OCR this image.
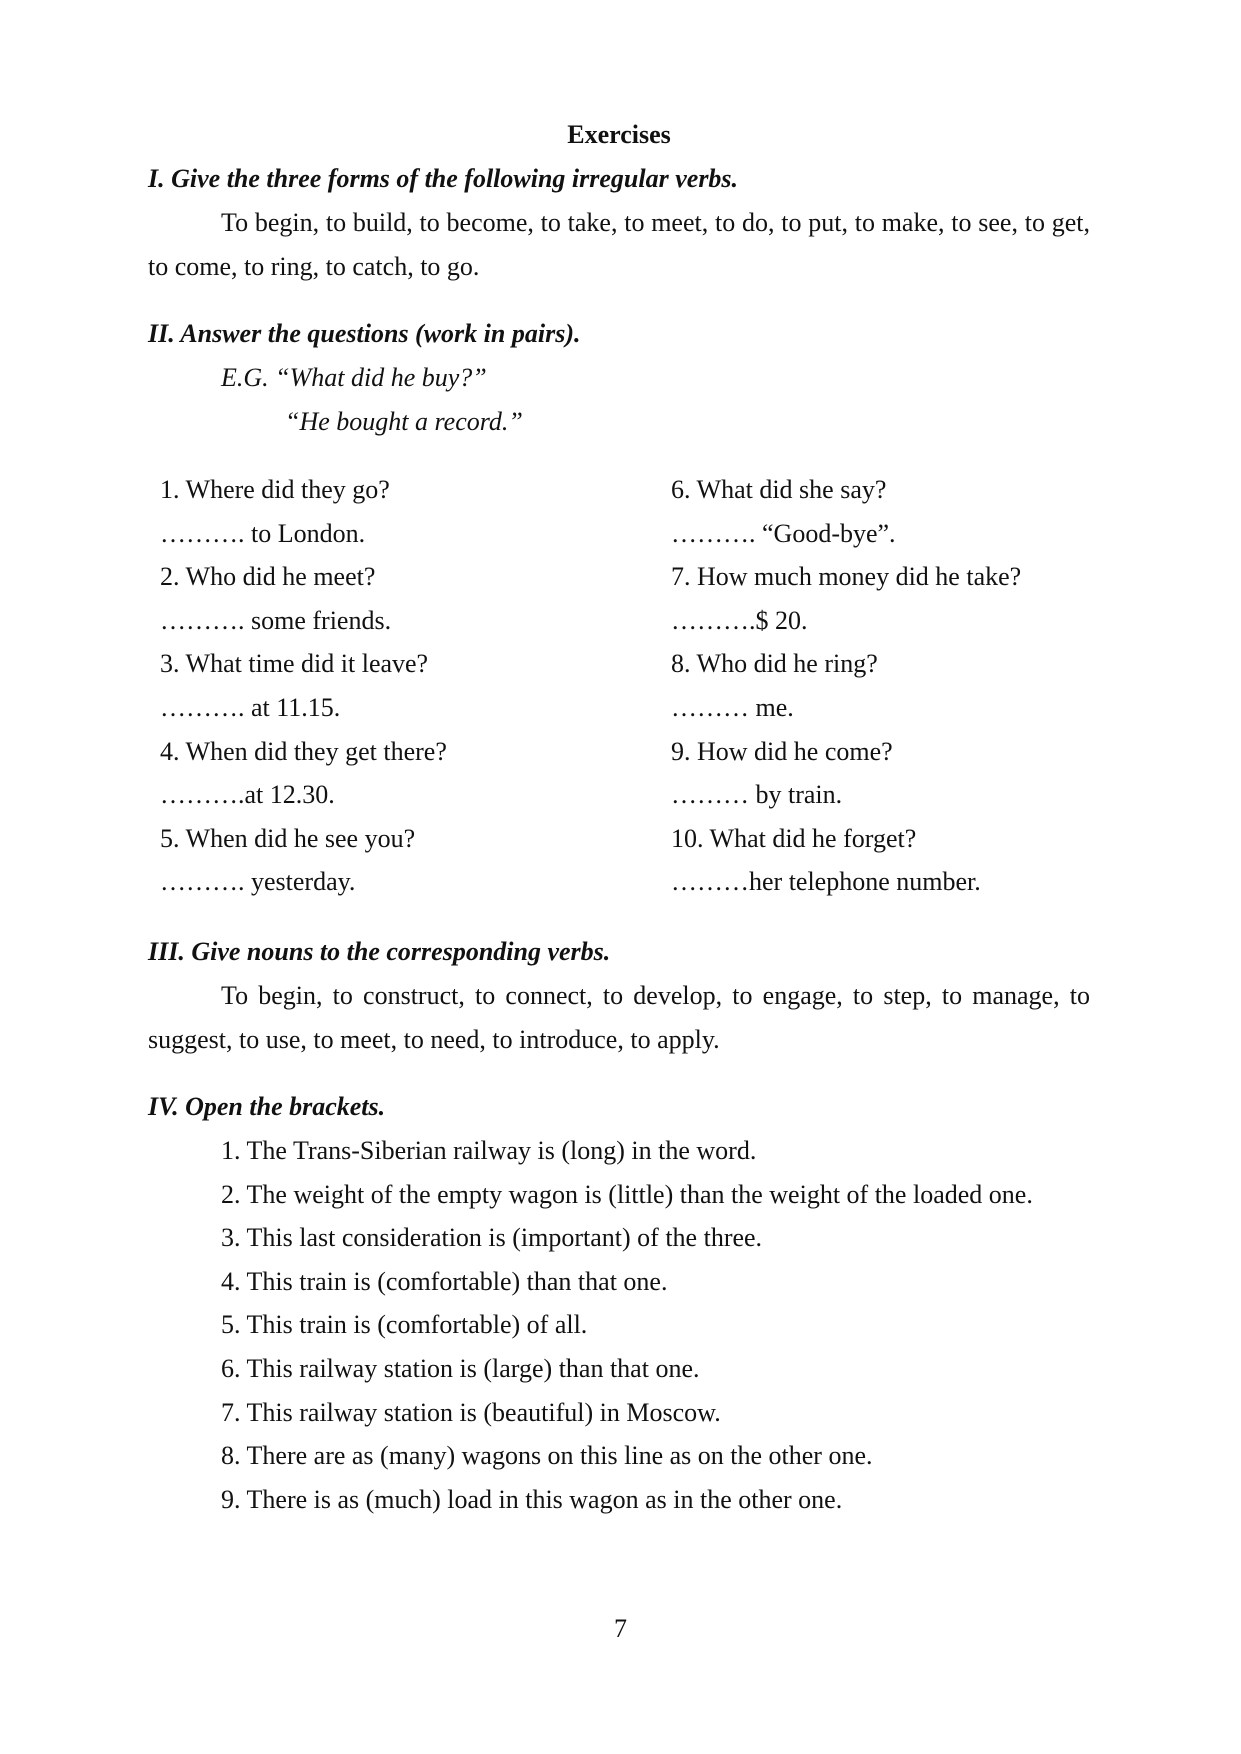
Exercises
I. Give the three forms of the following irregular verbs.

To begin, to build, to become, to take, to meet, to do, to put, to make, to see, to get, to come, to ring, to catch, to go.

II. Answer the questions (work in pairs).
E.G. “What did he buy?”
“He bought a record.”
1. Where did they go?	6. What did she say?
………. to London.	………. “Good-bye”.
2. Who did he meet?	7. How much money did he take?
………. some friends.	……….$ 20.
3. What time did it leave?	8. Who did he ring?
………. at 11.15.	……… me.
4. When did they get there?	9. How did he come?
……….at 12.30.	……… by train.
5. When did he see you?	10. What did he forget?
………. yesterday.	………her telephone number.
III. Give nouns to the corresponding verbs.

To begin, to construct, to connect, to develop, to engage, to step, to manage, to suggest, to use, to meet, to need, to introduce, to apply.

IV. Open the brackets.

1. The Trans-Siberian railway is (long) in the word.

2. The weight of the empty wagon is (little) than the weight of the loaded one.

3. This last consideration is (important) of the three.

4. This train is (comfortable) than that one.

5. This train is (comfortable) of all.

6. This railway station is (large) than that one.

7. This railway station is (beautiful) in Moscow.

8. There are as (many) wagons on this line as on the other one.

9. There is as (much) load in this wagon as in the other one.

7
